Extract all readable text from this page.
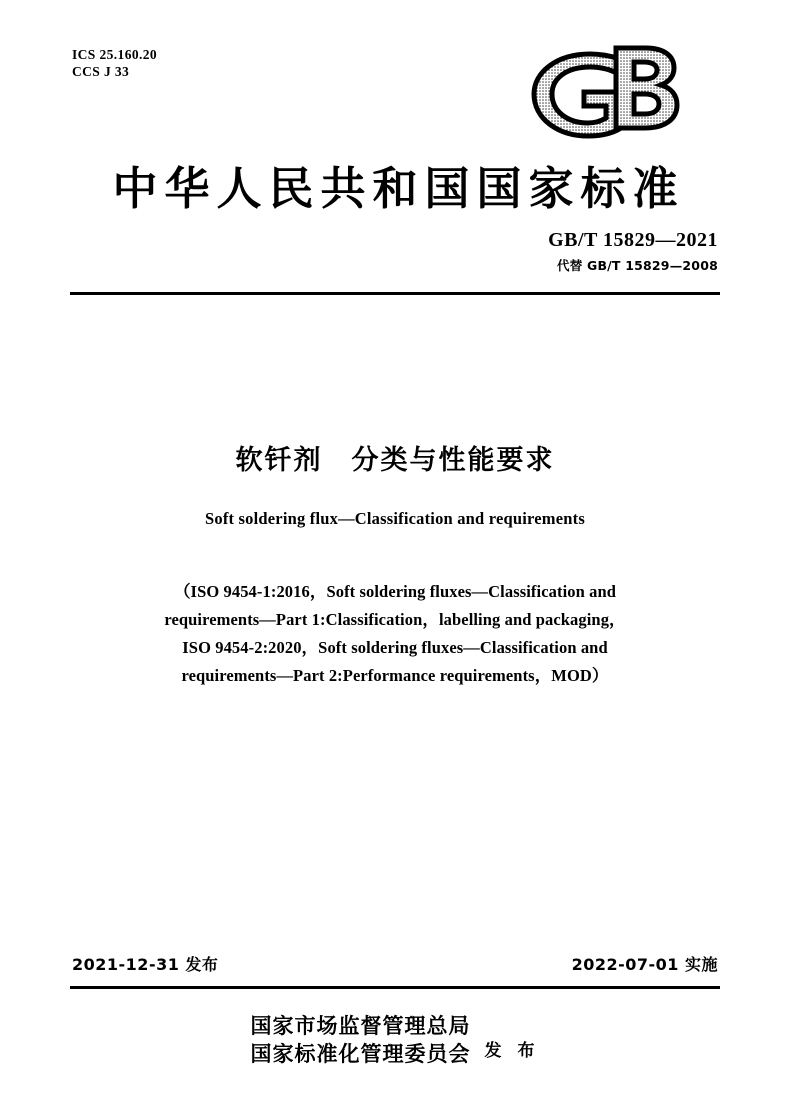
ICS 25.160.20
CCS J 33
中华人民共和国国家标准
GB/T 15829—2021
代替 GB/T 15829—2008
软钎剂　分类与性能要求
Soft soldering flux—Classification and requirements
（ISO 9454-1:2016，Soft soldering fluxes—Classification and
requirements—Part 1:Classification，labelling and packaging，
ISO 9454-2:2020，Soft soldering fluxes—Classification and
requirements—Part 2:Performance requirements，MOD）
2021-12-31 发布	2022-07-01 实施
国家市场监督管理总局
国家标准化管理委员会 发 布
